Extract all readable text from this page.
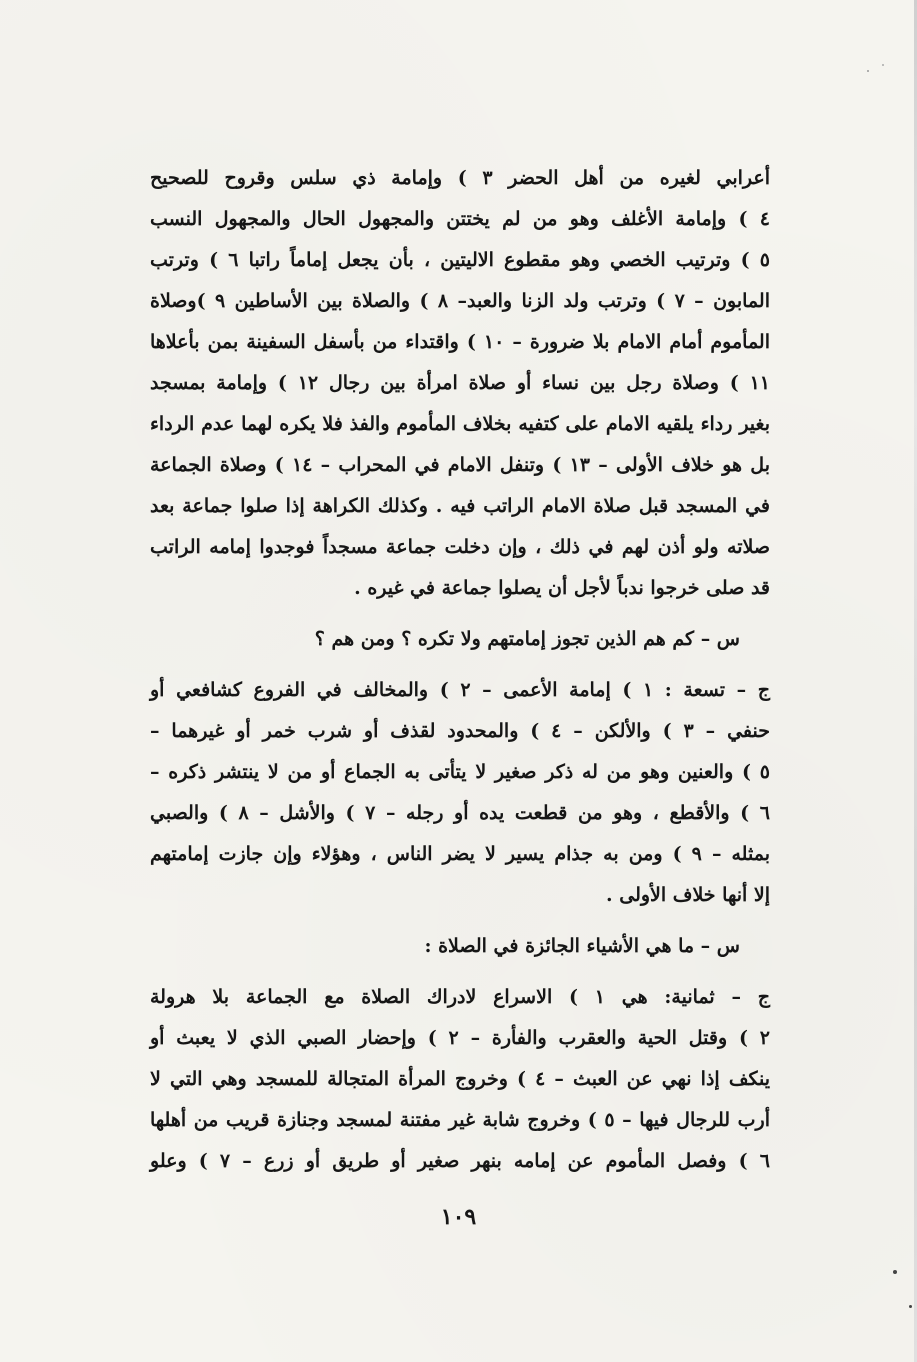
أعرابي لغيره من أهل الحضر ٣ ) وإمامة ذي سلس وقروح للصحيح
٤ ) وإمامة الأغلف وهو من لم يختتن والمجهول الحال والمجهول النسب
٥ ) وترتيب الخصي وهو مقطوع الاليتين ، بأن يجعل إماماً راتبا ٦ ) وترتب
المابون – ٧ ) وترتب ولد الزنا والعبد– ٨ ) والصلاة بين الأساطين ٩ )وصلاة
المأموم أمام الامام بلا ضرورة – ١٠ ) واقتداء من بأسفل السفينة بمن بأعلاها
١١ ) وصلاة رجل بين نساء أو صلاة امرأة بين رجال ١٢ ) وإمامة بمسجد
بغير رداء يلقيه الامام على كتفيه بخلاف المأموم والفذ فلا يكره لهما عدم الرداء
بل هو خلاف الأولى – ١٣ ) وتنفل الامام في المحراب – ١٤ ) وصلاة الجماعة
في المسجد قبل صلاة الامام الراتب فيه . وكذلك الكراهة إذا صلوا جماعة بعد
صلاته ولو أذن لهم في ذلك ، وإن دخلت جماعة مسجداً فوجدوا إمامه الراتب
قد صلى خرجوا ندباً لأجل أن يصلوا جماعة في غيره .
س – كم هم الذين تجوز إمامتهم ولا تكره ؟ ومن هم ؟
ج – تسعة : ١ ) إمامة الأعمى – ٢ ) والمخالف في الفروع كشافعي أو
حنفي – ٣ ) والألكن – ٤ ) والمحدود لقذف أو شرب خمر أو غيرهما –
٥ ) والعنين وهو من له ذكر صغير لا يتأتى به الجماع أو من لا ينتشر ذكره –
٦ ) والأقطع ، وهو من قطعت يده أو رجله – ٧ ) والأشل – ٨ ) والصبي
بمثله – ٩ ) ومن به جذام يسير لا يضر الناس ، وهؤلاء وإن جازت إمامتهم
إلا أنها خلاف الأولى .
س – ما هي الأشياء الجائزة في الصلاة :
ج – ثمانية: هي ١ ) الاسراع لادراك الصلاة مع الجماعة بلا هرولة
٢ ) وقتل الحية والعقرب والفأرة – ٢ ) وإحضار الصبي الذي لا يعبث أو
ينكف إذا نهي عن العبث – ٤ ) وخروج المرأة المتجالة للمسجد وهي التي لا
أرب للرجال فيها – ٥ ) وخروج شابة غير مفتنة لمسجد وجنازة قريب من أهلها
٦ ) وفصل المأموم عن إمامه بنهر صغير أو طريق أو زرع – ٧ ) وعلو
١٠٩
